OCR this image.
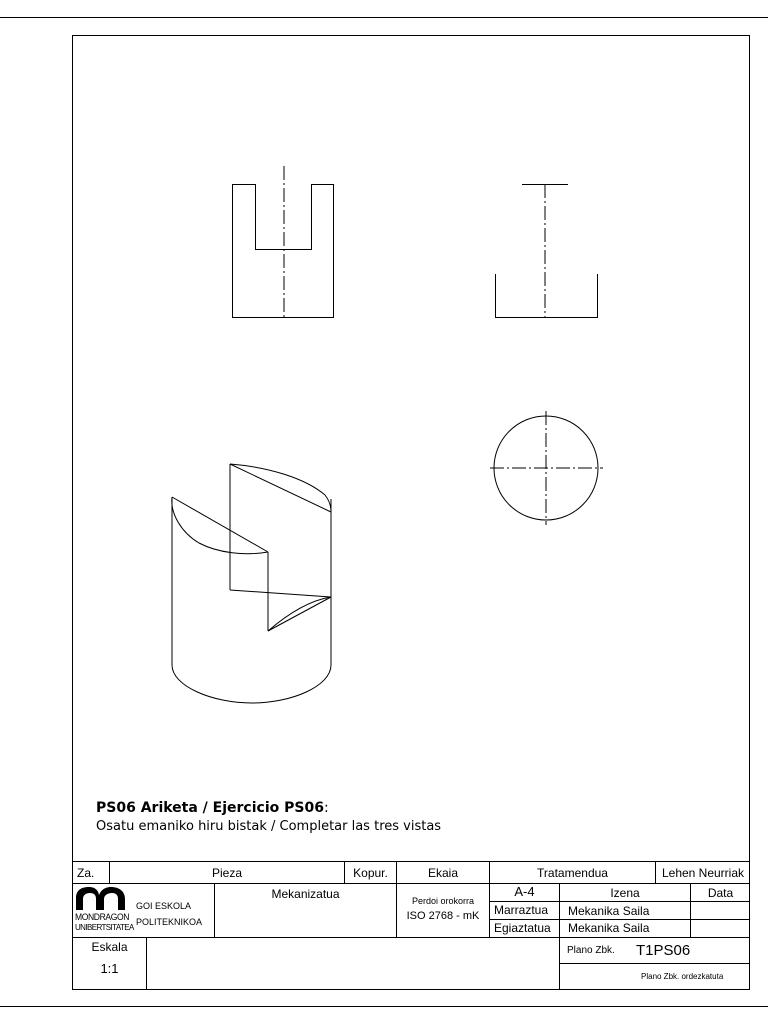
PS06 Ariketa / Ejercicio PS06:
Osatu emaniko hiru bistak / Completar las tres vistas
Za.	Pieza	Kopur.	Ekaia	Tratamendua	Lehen Neurriak
MONDRAGON
UNIBERTSITATEA
GOI ESKOLA
POLITEKNIKOA
Mekanizatua	Perdoi orokorra
ISO 2768 - mK
A-4	Izena	Data
Marraztua Mekanika Saila
Egiaztatua Mekanika Saila
Eskala
1:1
Plano Zbk. T1PS06
Plano Zbk. ordezkatuta
